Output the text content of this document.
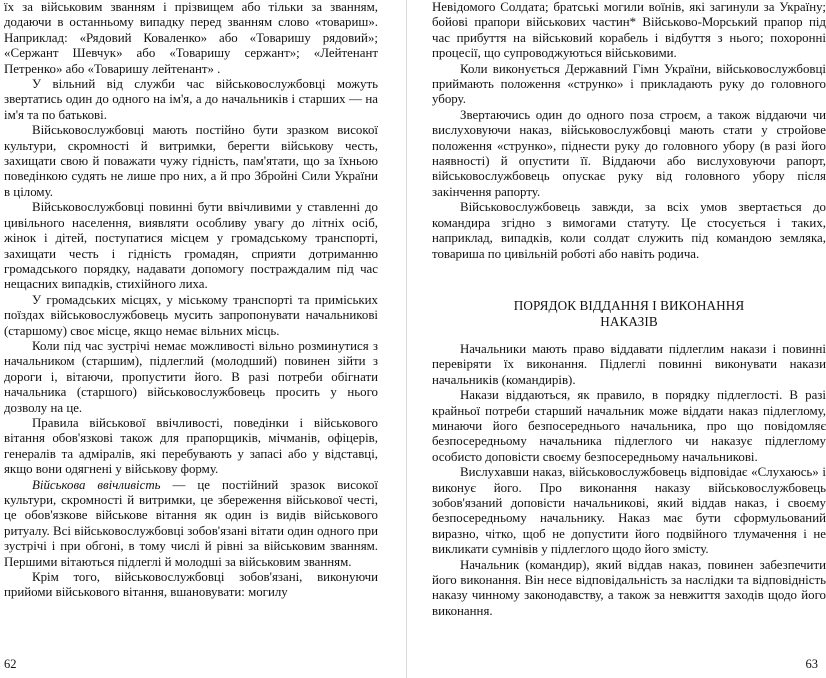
їх за військовим званням і прізвищем або тільки за званням, додаючи в останньому випадку перед званням слово «товариш». Наприклад: «Рядовий Коваленко» або «Товаришу рядовий»; «Сержант Шевчук» або «Товаришу сержант»; «Лейтенант Петренко» або «Товаришу лейтенант» .

У вільний від служби час військовослужбовці можуть звертатись один до одного на ім'я, а до начальників і старших — на ім'я та по батькові.

Військовослужбовці мають постійно бути зразком високої культури, скромності й витримки, берегти військову честь, захищати свою й поважати чужу гідність, пам'ятати, що за їхньою поведінкою судять не лише про них, а й про Збройні Сили України в цілому.

Військовослужбовці повинні бути ввічливими у ставленні до цивільного населення, виявляти особливу увагу до літніх осіб, жінок і дітей, поступатися місцем у громадському транспорті, захищати честь і гідність громадян, сприяти дотриманню громадського порядку, надавати допомогу постраждалим під час нещасних випадків, стихійного лиха.

У громадських місцях, у міському транспорті та приміських поїздах військовослужбовець мусить запропонувати начальникові (старшому) своє місце, якщо немає вільних місць.

Коли під час зустрічі немає можливості вільно розминутися з начальником (старшим), підлеглий (молодший) повинен зійти з дороги і, вітаючи, пропустити його. В разі потреби обігнати начальника (старшого) військовослужбовець просить у нього дозволу на це.

Правила військової ввічливості, поведінки і військового вітання обов'язкові також для прапорщиків, мічманів, офіцерів, генералів та адміралів, які перебувають у запасі або у відставці, якщо вони одягнені у військову форму.

Військова ввічливість — це постійний зразок високої культури, скромності й витримки, це збереження військової честі, це обов'язкове військове вітання як один із видів військового ритуалу. Всі військовослужбовці зобов'язані вітати один одного при зустрічі і при обгоні, в тому числі й рівні за військовим званням. Першими вітаються підлеглі й молодші за військовим званням.

Крім того, військовослужбовці зобов'язані, виконуючи прийоми військового вітання, вшановувати: могилу

62

Невідомого Солдата; братські могили воїнів, які загинули за Україну; бойові прапори військових частин* Військово-Морський прапор під час прибуття на військовий корабель і відбуття з нього; похоронні процесії, що супроводжуються військовими.

Коли виконується Державний Гімн України, військовослужбовці приймають положення «струнко» і прикладають руку до головного убору.

Звертаючись один до одного поза строєм, а також віддаючи чи вислуховуючи наказ, військовослужбовці мають стати у стройове положення «струнко», піднести руку до головного убору (в разі його наявності) й опустити її. Віддаючи або вислуховуючи рапорт, військовослужбовець опускає руку від головного убору після закінчення рапорту.

Військовослужбовець завжди, за всіх умов звертається до командира згідно з вимогами статуту. Це стосується і таких, наприклад, випадків, коли солдат служить під командою земляка, товариша по цивільній роботі або навіть родича.

ПОРЯДОК ВІДДАННЯ І ВИКОНАННЯ
НАКАЗІВ

Начальники мають право віддавати підлеглим накази і повинні перевіряти їх виконання. Підлеглі повинні виконувати накази начальників (командирів).

Накази віддаються, як правило, в порядку підлеглості. В разі крайньої потреби старший начальник може віддати наказ підлеглому, минаючи його безпосереднього начальника, про що повідомляє безпосередньому начальника підлеглого чи наказує підлеглому особисто доповісти своєму безпосередньому начальникові.

Вислухавши наказ, військовослужбовець відповідає «Слухаюсь» і виконує його. Про виконання наказу військовослужбовець зобов'язаний доповісти начальникові, який віддав наказ, і своєму безпосередньому начальнику. Наказ має бути сформульований виразно, чітко, щоб не допустити його подвійного тлумачення і не викликати сумнівів у підлеглого щодо його змісту.

Начальник (командир), який віддав наказ, повинен забезпечити його виконання. Він несе відповідальність за наслідки та відповідність наказу чинному законодавству, а також за невжиття заходів щодо його виконання.

63
